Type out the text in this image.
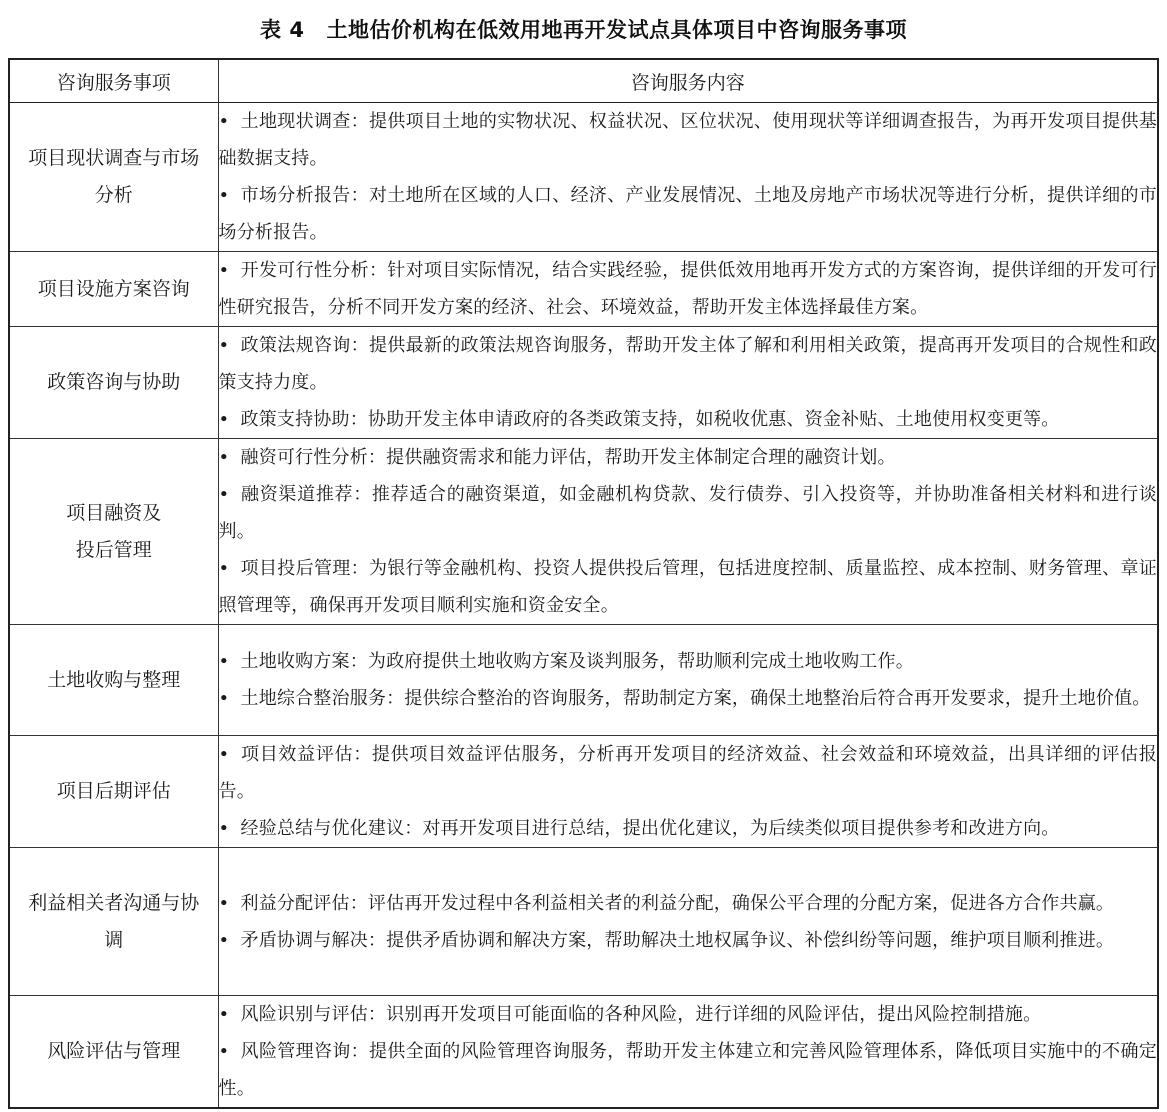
表 4 土地估价机构在低效用地再开发试点具体项目中咨询服务事项
咨询服务事项	咨询服务内容
项目现状调查与市场分析	• 土地现状调查：提供项目土地的实物状况、权益状况、区位状况、使用现状等详细调查报告，为再开发项目提供基础数据支持。
• 市场分析报告：对土地所在区域的人口、经济、产业发展情况、土地及房地产市场状况等进行分析，提供详细的市场分析报告。

项目设施方案咨询	• 开发可行性分析：针对项目实际情况，结合实践经验，提供低效用地再开发方式的方案咨询，提供详细的开发可行性研究报告，分析不同开发方案的经济、社会、环境效益，帮助开发主体选择最佳方案。

政策咨询与协助	• 政策法规咨询：提供最新的政策法规咨询服务，帮助开发主体了解和利用相关政策，提高再开发项目的合规性和政策支持力度。
• 政策支持协助：协助开发主体申请政府的各类政策支持，如税收优惠、资金补贴、土地使用权变更等。

项目融资及投后管理	• 融资可行性分析：提供融资需求和能力评估，帮助开发主体制定合理的融资计划。
• 融资渠道推荐：推荐适合的融资渠道，如金融机构贷款、发行债券、引入投资等，并协助准备相关材料和进行谈判。
• 项目投后管理：为银行等金融机构、投资人提供投后管理，包括进度控制、质量监控、成本控制、财务管理、章证照管理等，确保再开发项目顺利实施和资金安全。

土地收购与整理	• 土地收购方案：为政府提供土地收购方案及谈判服务，帮助顺利完成土地收购工作。
• 土地综合整治服务：提供综合整治的咨询服务，帮助制定方案，确保土地整治后符合再开发要求，提升土地价值。

项目后期评估	• 项目效益评估：提供项目效益评估服务，分析再开发项目的经济效益、社会效益和环境效益，出具详细的评估报告。
• 经验总结与优化建议：对再开发项目进行总结，提出优化建议，为后续类似项目提供参考和改进方向。

利益相关者沟通与协调	• 利益分配评估：评估再开发过程中各利益相关者的利益分配，确保公平合理的分配方案，促进各方合作共赢。
• 矛盾协调与解决：提供矛盾协调和解决方案，帮助解决土地权属争议、补偿纠纷等问题，维护项目顺利推进。

风险评估与管理	• 风险识别与评估：识别再开发项目可能面临的各种风险，进行详细的风险评估，提出风险控制措施。
• 风险管理咨询：提供全面的风险管理咨询服务，帮助开发主体建立和完善风险管理体系，降低项目实施中的不确定性。
